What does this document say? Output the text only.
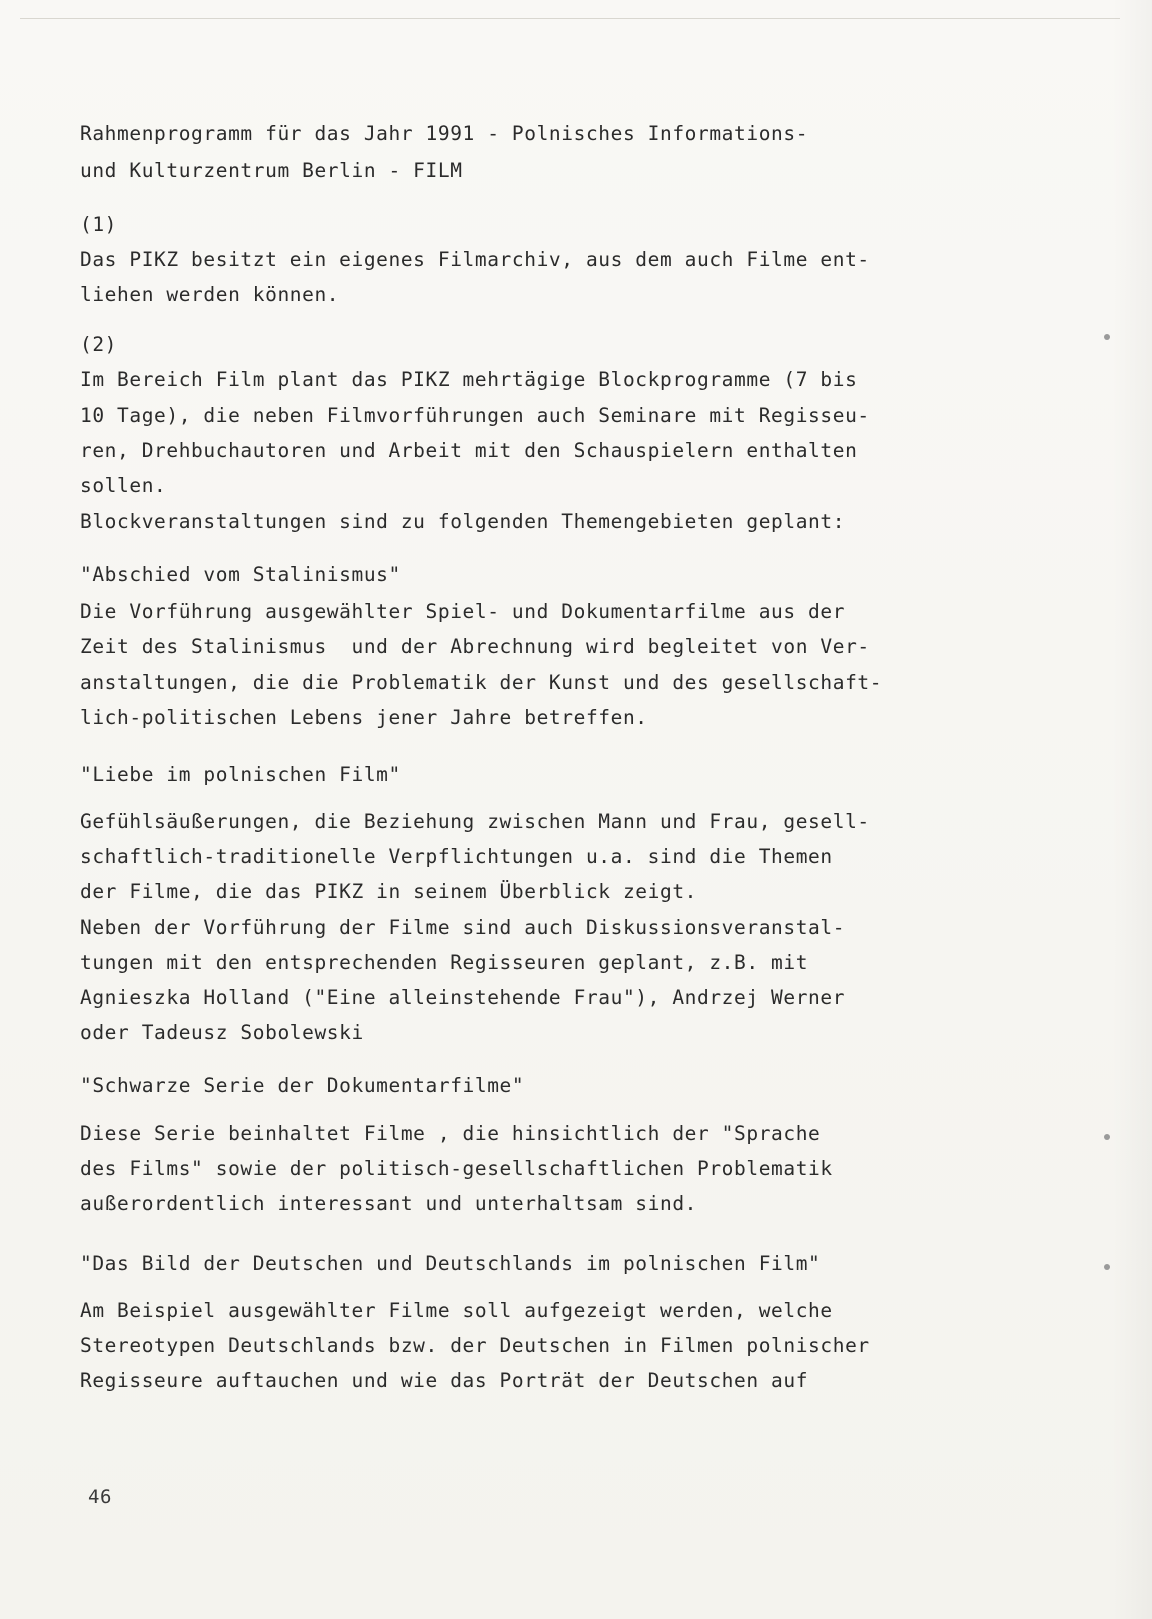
Rahmenprogramm für das Jahr 1991 - Polnisches Informations-
und Kulturzentrum Berlin - FILM
(1)
Das PIKZ besitzt ein eigenes Filmarchiv, aus dem auch Filme ent-
liehen werden können.
(2)
Im Bereich Film plant das PIKZ mehrtägige Blockprogramme (7 bis
10 Tage), die neben Filmvorführungen auch Seminare mit Regisseu-
ren, Drehbuchautoren und Arbeit mit den Schauspielern enthalten
sollen.
Blockveranstaltungen sind zu folgenden Themengebieten geplant:
"Abschied vom Stalinismus"
Die Vorführung ausgewählter Spiel- und Dokumentarfilme aus der
Zeit des Stalinismus  und der Abrechnung wird begleitet von Ver-
anstaltungen, die die Problematik der Kunst und des gesellschaft-
lich-politischen Lebens jener Jahre betreffen.
"Liebe im polnischen Film"
Gefühlsäußerungen, die Beziehung zwischen Mann und Frau, gesell-
schaftlich-traditionelle Verpflichtungen u.a. sind die Themen
der Filme, die das PIKZ in seinem Überblick zeigt.
Neben der Vorführung der Filme sind auch Diskussionsveranstal-
tungen mit den entsprechenden Regisseuren geplant, z.B. mit
Agnieszka Holland ("Eine alleinstehende Frau"), Andrzej Werner
oder Tadeusz Sobolewski
"Schwarze Serie der Dokumentarfilme"
Diese Serie beinhaltet Filme , die hinsichtlich der "Sprache
des Films" sowie der politisch-gesellschaftlichen Problematik
außerordentlich interessant und unterhaltsam sind.
"Das Bild der Deutschen und Deutschlands im polnischen Film"
Am Beispiel ausgewählter Filme soll aufgezeigt werden, welche
Stereotypen Deutschlands bzw. der Deutschen in Filmen polnischer
Regisseure auftauchen und wie das Porträt der Deutschen auf
46
